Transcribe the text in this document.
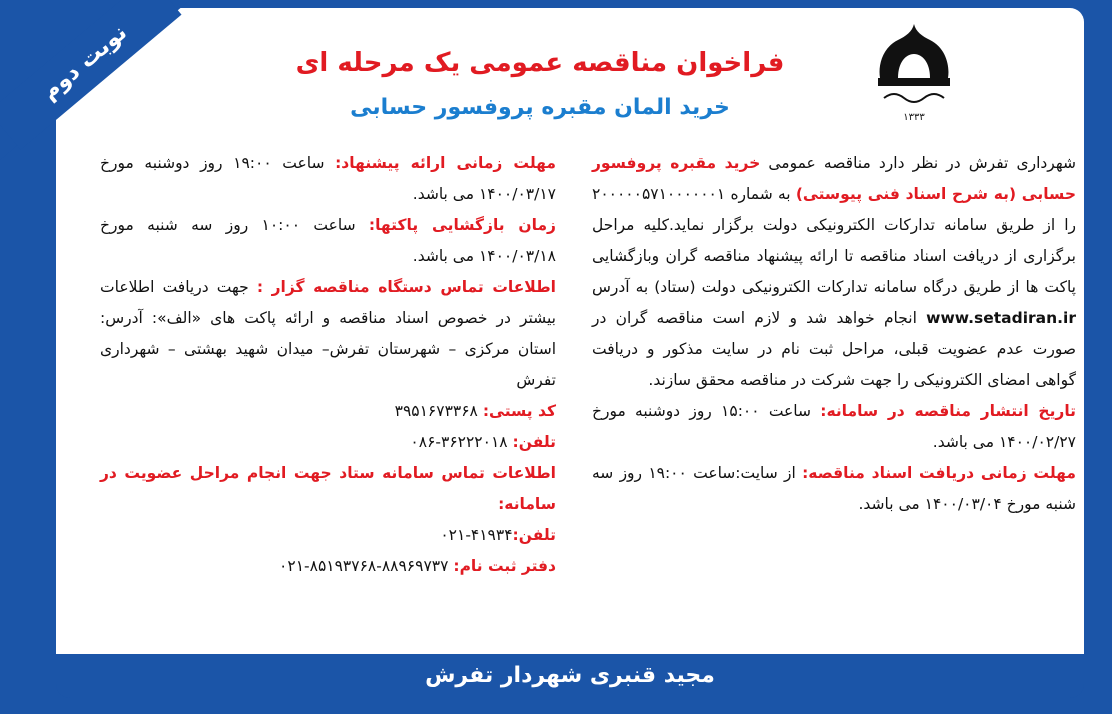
نوبت دوم
۱۳۳۳
فراخوان مناقصه عمومی یک مرحله ای
خرید المان مقبره پروفسور حسابی

شهرداری تفرش در نظر دارد مناقصه عمومی خرید مقبره پروفسور حسابی (به شرح اسناد فنی پیوستی) به شماره ۲۰۰۰۰۰۵۷۱۰۰۰۰۰۰۱ را از طریق سامانه تدارکات الکترونیکی دولت برگزار نماید.کلیه مراحل برگزاری از دریافت اسناد مناقصه تا ارائه پیشنهاد مناقصه گران وبازگشایی پاکت ها از طریق درگاه سامانه تدارکات الکترونیکی دولت (ستاد) به آدرس www.setadiran.ir انجام خواهد شد و لازم است مناقصه گران در صورت عدم عضویت قبلی، مراحل ثبت نام در سایت مذکور و دریافت گواهی امضای الکترونیکی را جهت شرکت در مناقصه محقق سازند.

تاریخ انتشار مناقصه در سامانه: ساعت ۱۵:۰۰ روز دوشنبه مورخ ۱۴۰۰/۰۲/۲۷ می باشد.

مهلت زمانی دریافت اسناد مناقصه: از سایت:ساعت ۱۹:۰۰ روز سه شنبه مورخ ۱۴۰۰/۰۳/۰۴ می باشد.

مهلت زمانی ارائه پیشنهاد: ساعت ۱۹:۰۰ روز دوشنبه مورخ ۱۴۰۰/۰۳/۱۷ می باشد.

زمان بازگشایی پاکتها: ساعت ۱۰:۰۰ روز سه شنبه مورخ ۱۴۰۰/۰۳/۱۸ می باشد.

اطلاعات تماس دستگاه مناقصه گزار : جهت دریافت اطلاعات بیشتر در خصوص اسناد مناقصه و ارائه پاکت های «الف»: آدرس: استان مرکزی – شهرستان تفرش– میدان شهید بهشتی – شهرداری تفرش

کد پستی: ۳۹۵۱۶۷۳۳۶۸

تلفن: ۳۶۲۲۲۰۱۸-۰۸۶

اطلاعات تماس سامانه ستاد جهت انجام مراحل عضویت در سامانه:

تلفن:۴۱۹۳۴-۰۲۱

دفتر ثبت نام: ۸۸۹۶۹۷۳۷-۸۵۱۹۳۷۶۸-۰۲۱

مجید قنبری شهردار تفرش
